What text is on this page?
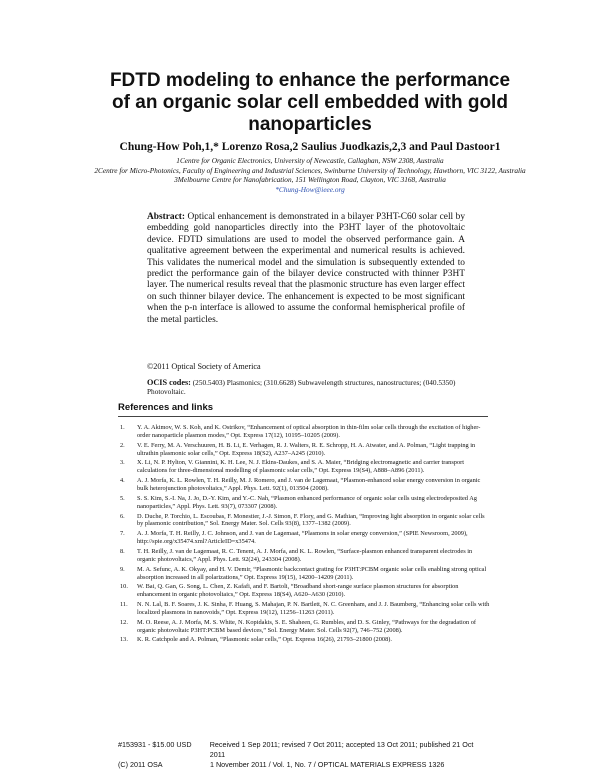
FDTD modeling to enhance the performance of an organic solar cell embedded with gold nanoparticles
Chung-How Poh,1,* Lorenzo Rosa,2 Saulius Juodkazis,2,3 and Paul Dastoor1
1Centre for Organic Electronics, University of Newcastle, Callaghan, NSW 2308, Australia
2Centre for Micro-Photonics, Faculty of Engineering and Industrial Sciences, Swinburne University of Technology, Hawthorn, VIC 3122, Australia
3Melbourne Centre for Nanofabrication, 151 Wellington Road, Clayton, VIC 3168, Australia
*Chung-How@ieee.org
Abstract: Optical enhancement is demonstrated in a bilayer P3HT-C60 solar cell by embedding gold nanoparticles directly into the P3HT layer of the photovoltaic device. FDTD simulations are used to model the observed performance gain. A qualitative agreement between the experimental and numerical results is achieved. This validates the numerical model and the simulation is subsequently extended to predict the performance gain of the bilayer device constructed with thinner P3HT layer. The numerical results reveal that the plasmonic structure has even larger effect on such thinner bilayer device. The enhancement is expected to be most significant when the p-n interface is allowed to assume the conformal hemispherical profile of the metal particles.
©2011 Optical Society of America
OCIS codes: (250.5403) Plasmonics; (310.6628) Subwavelength structures, nanostructures; (040.5350) Photovoltaic.
References and links
1.	Y. A. Akimov, W. S. Koh, and K. Ostrikov, “Enhancement of optical absorption in thin-film solar cells through the excitation of higher-order nanoparticle plasmon modes,” Opt. Express 17(12), 10195–10205 (2009).
2.	V. E. Ferry, M. A. Verschuuren, H. B. Li, E. Verhagen, R. J. Walters, R. E. Schropp, H. A. Atwater, and A. Polman, “Light trapping in ultrathin plasmonic solar cells,” Opt. Express 18(S2), A237–A245 (2010).
3.	X. Li, N. P. Hylton, V. Giannini, K. H. Lee, N. J. Ekins-Daukes, and S. A. Maier, “Bridging electromagnetic and carrier transport calculations for three-dimensional modelling of plasmonic solar cells,” Opt. Express 19(S4), A888–A896 (2011).
4.	A. J. Morfa, K. L. Rowlen, T. H. Reilly, M. J. Romero, and J. van de Lagemaat, “Plasmon-enhanced solar energy conversion in organic bulk heterojunction photovoltaics,” Appl. Phys. Lett. 92(1), 013504 (2008).
5.	S. S. Kim, S.-I. Na, J. Jo, D.-Y. Kim, and Y.-C. Nah, “Plasmon enhanced performance of organic solar cells using electrodeposited Ag nanoparticles,” Appl. Phys. Lett. 93(7), 073307 (2008).
6.	D. Duche, P. Torchio, L. Escoubas, F. Monestier, J.-J. Simon, F. Flory, and G. Mathian, “Improving light absorption in organic solar cells by plasmonic contribution,” Sol. Energy Mater. Sol. Cells 93(8), 1377–1382 (2009).
7.	A. J. Morfa, T. H. Reilly, J. C. Johnson, and J. van de Lagemaat, “Plasmons in solar energy conversion,” (SPIE Newsroom, 2009), http://spie.org/x35474.xml?ArticleID=x35474.
8.	T. H. Reilly, J. van de Lagemaat, R. C. Tenent, A. J. Morfa, and K. L. Rowlen, “Surface-plasmon enhanced transparent electrodes in organic photovoltaics,” Appl. Phys. Lett. 92(24), 243304 (2008).
9.	M. A. Sefunc, A. K. Okyay, and H. V. Demir, “Plasmonic backcontact grating for P3HT:PCBM organic solar cells enabling strong optical absorption increased in all polarizations,” Opt. Express 19(15), 14200–14209 (2011).
10.	W. Bai, Q. Gan, G. Song, L. Chen, Z. Kafafi, and F. Bartoli, “Broadband short-range surface plasmon structures for absorption enhancement in organic photovoltaics,” Opt. Express 18(S4), A620–A630 (2010).
11.	N. N. Lal, B. F. Soares, J. K. Sinha, F. Huang, S. Mahajan, P. N. Bartlett, N. C. Greenham, and J. J. Baumberg, “Enhancing solar cells with localized plasmons in nanovoids,” Opt. Express 19(12), 11256–11263 (2011).
12.	M. O. Reese, A. J. Morfa, M. S. White, N. Kopidakis, S. E. Shaheen, G. Rumbles, and D. S. Ginley, “Pathways for the degradation of organic photovoltaic P3HT:PCBM based devices,” Sol. Energy Mater. Sol. Cells 92(7), 746–752 (2008).
13.	K. R. Catchpole and A. Polman, “Plasmonic solar cells,” Opt. Express 16(26), 21793–21800 (2008).
#153931 - $15.00 USD	Received 1 Sep 2011; revised 7 Oct 2011; accepted 13 Oct 2011; published 21 Oct 2011
(C) 2011 OSA	1 November 2011 / Vol. 1, No. 7 / OPTICAL MATERIALS EXPRESS 1326
